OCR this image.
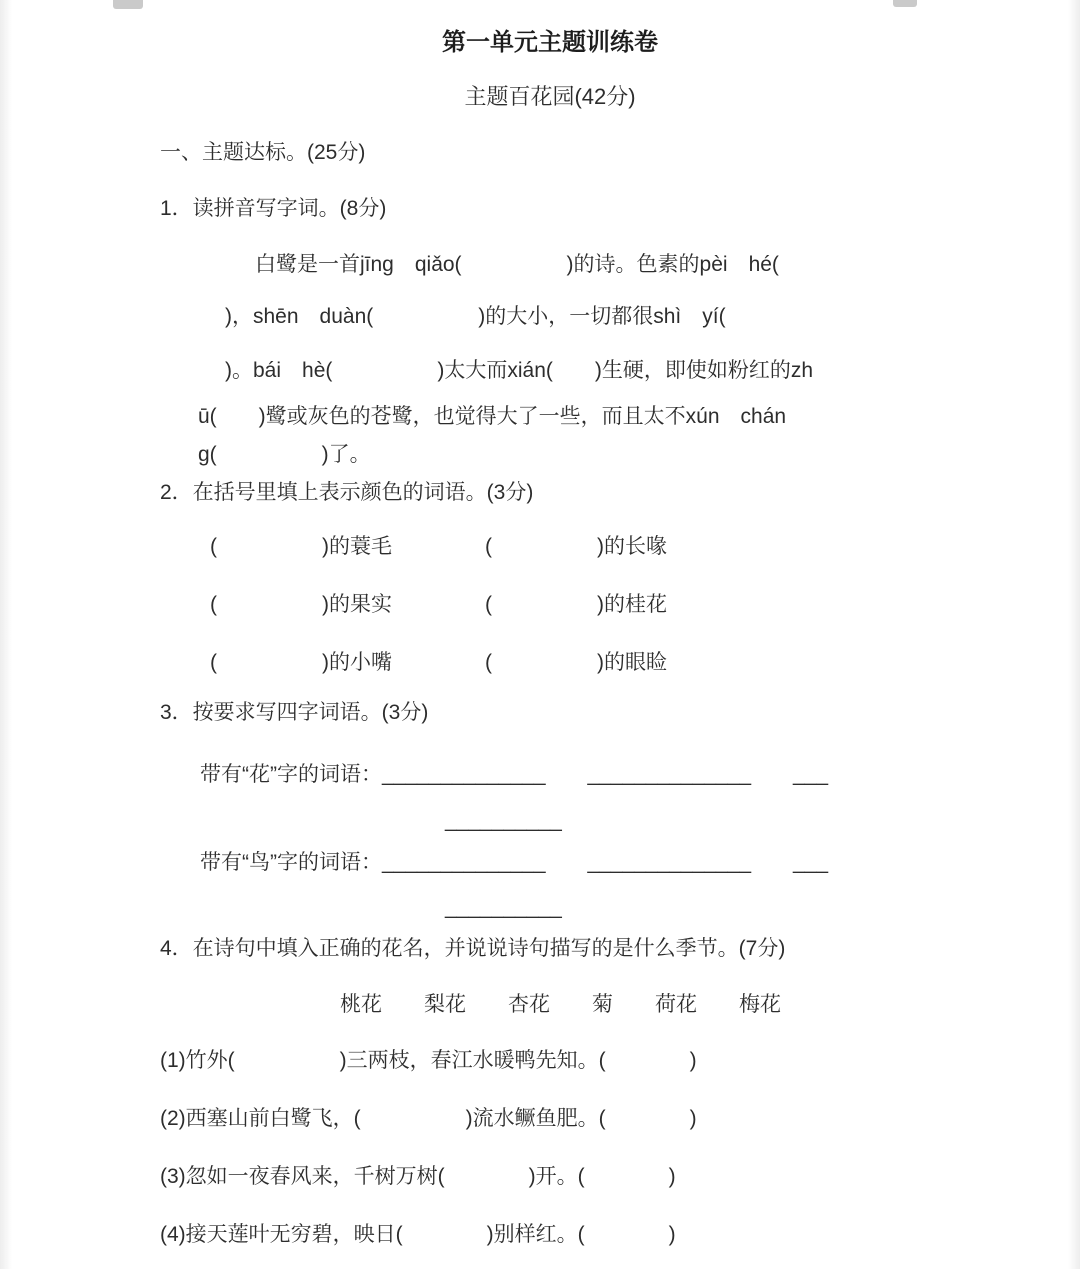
第一单元主题训练卷
主题百花园(42分)
一、主题达标。(25分)
1．读拼音写字词。(8分)
白鹭是一首jīng　qiǎo(　　　　　)的诗。色素的pèi　hé(
)，shēn　duàn(　　　　　)的大小，一切都很shì　yí(
)。bái　hè(　　　　　)太大而xián(　　)生硬，即使如粉红的zh
ū(　　)鹭或灰色的苍鹭，也觉得大了一些，而且太不xún　chán
g(　　　　　)了。
2．在括号里填上表示颜色的词语。(3分)
(　　　　　)的蓑毛	(　　　　　)的长喙
(　　　　　)的果实	(　　　　　)的桂花
(　　　　　)的小嘴	(　　　　　)的眼睑
3．按要求写四字词语。(3分)
带有“花”字的词语：______________　　______________　　___
__________
带有“鸟”字的词语：______________　　______________　　___
__________
4．在诗句中填入正确的花名，并说说诗句描写的是什么季节。(7分)
桃花　　梨花　　杏花　　菊　　荷花　　梅花
(1)竹外(　　　　　)三两枝，春江水暖鸭先知。(　　　　)
(2)西塞山前白鹭飞，(　　　　　)流水鳜鱼肥。(　　　　)
(3)忽如一夜春风来，千树万树(　　　　)开。(　　　　)
(4)接天莲叶无穷碧，映日(　　　　)别样红。(　　　　)
